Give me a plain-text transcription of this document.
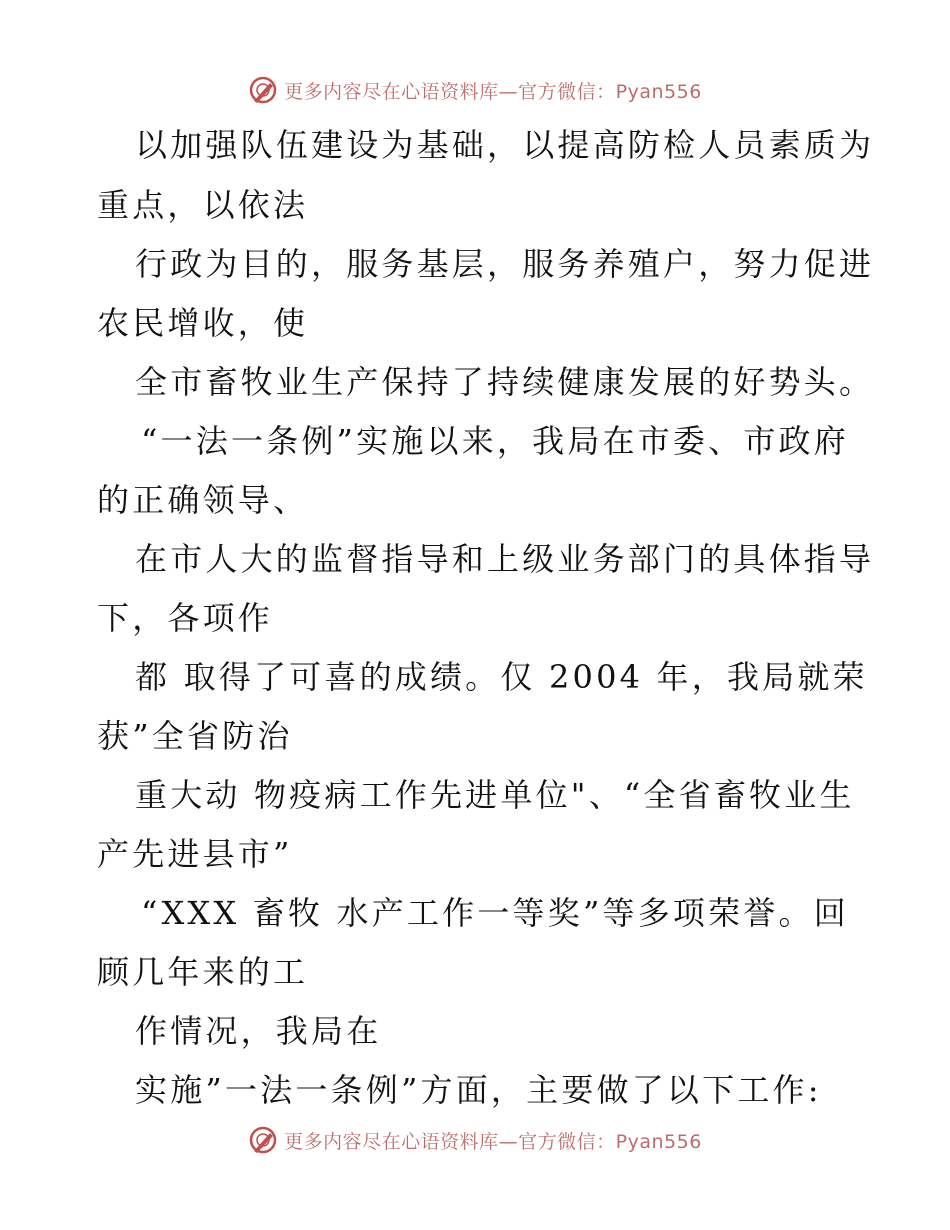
更多内容尽在心语资料库—官方微信：Pyan556
以加强队伍建设为基础，以提高防检人员素质为
重点，以依法
行政为目的，服务基层，服务养殖户，努力促进
农民增收，使
全市畜牧业生产保持了持续健康发展的好势头。
“一法一条例”实施以来，我局在市委、市政府
的正确领导、
在市人大的监督指导和上级业务部门的具体指导
下，各项作
都 取得了可喜的成绩。仅 2004 年，我局就荣
获”全省防治
重大动 物疫病工作先进单位"、“全省畜牧业生
产先进县市”
“XXX 畜牧 水产工作一等奖”等多项荣誉。回
顾几年来的工
作情况，我局在
实施”一法一条例”方面，主要做了以下工作:
更多内容尽在心语资料库—官方微信：Pyan556
